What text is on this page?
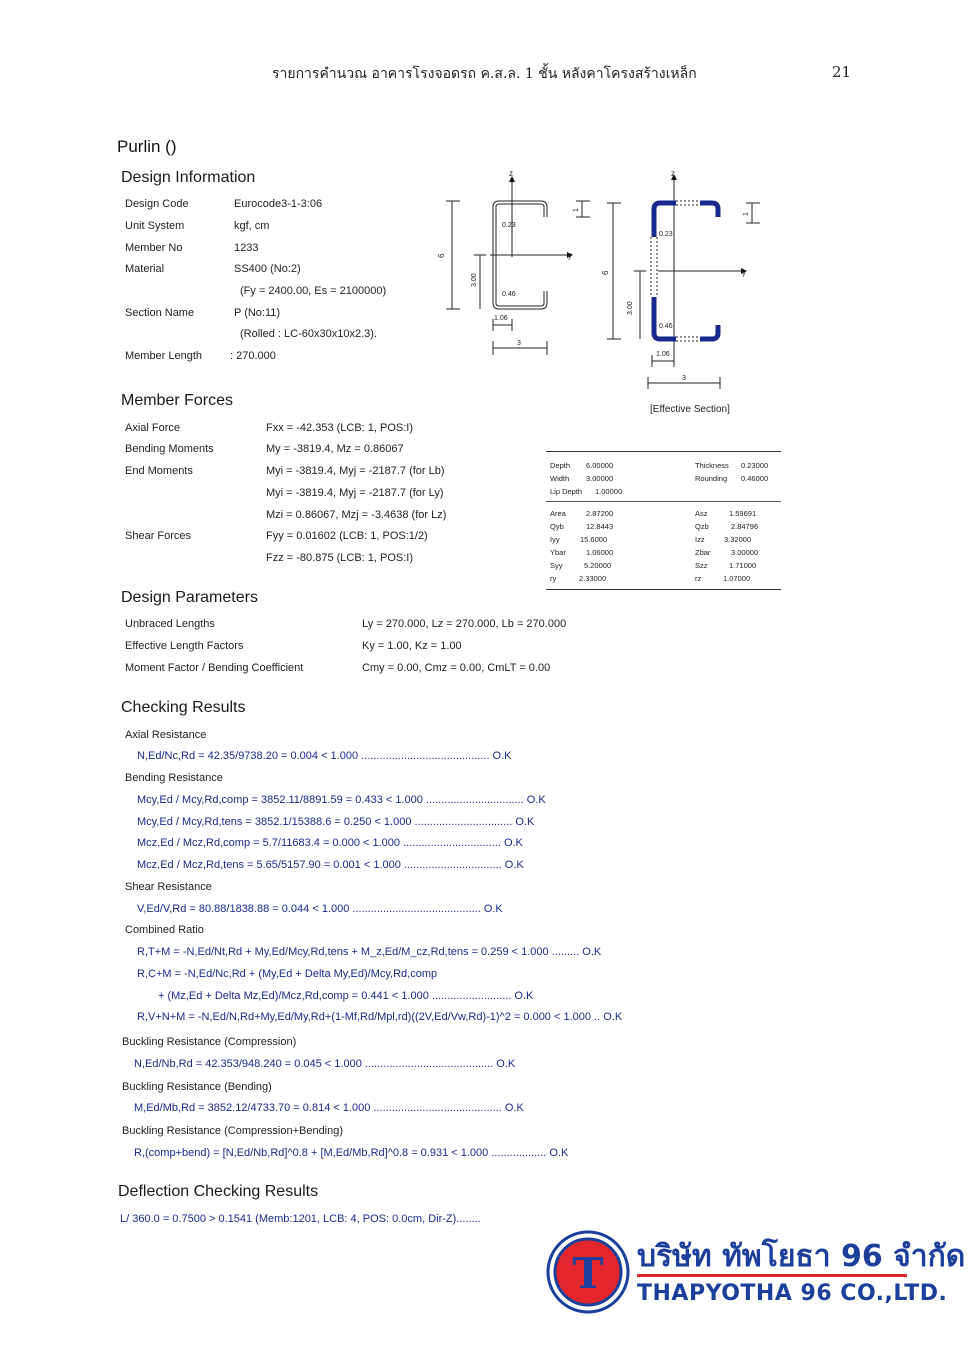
รายการคำนวณ อาคารโรงจอดรถ ค.ส.ล. 1 ชั้น หลังคาโครงสร้างเหล็ก	21
Purlin ()
Design Information
Design Code	Eurocode3-1-3:06
Unit System	kgf, cm
Member No	1233
Material	SS400 (No:2)
(Fy = 2400.00, Es = 2100000)
Section Name	P (No:11)
(Rolled : LC-60x30x10x2.3).
Member Length	: 270.000
z
y
6
3.00
0.23
0.46
1.06
3
1
z
y
6
3.00
0.23
0.46
1.06
3
1
[Effective Section]
Member Forces
Axial Force	Fxx = -42.353 (LCB: 1, POS:I)
Bending Moments	My = -3819.4, Mz = 0.86067
End Moments	Myi = -3819.4, Myj = -2187.7 (for Lb)
Myi = -3819.4, Myj = -2187.7 (for Ly)
Mzi = 0.86067, Mzj = -3.4638 (for Lz)
Shear Forces	Fyy = 0.01602 (LCB: 1, POS:1/2)
Fzz = -80.875 (LCB: 1, POS:I)
Depth 6.00000	Thickness 0.23000
Width 3.00000	Rounding 0.46000
Lip Depth 1.00000
Area	2.87200	Asz	1.59691
Qyb	12.8443	Qzb	2.84796
Iyy	15.6000	Izz	3.32000
Ybar	1.06000	Zbar	3.00000
Syy	5.20000	Szz	1.71000
ry	2.33000	rz	1.07000
Design Parameters
Unbraced Lengths	Ly = 270.000, Lz = 270.000, Lb = 270.000
Effective Length Factors	Ky = 1.00, Kz = 1.00
Moment Factor / Bending Coefficient	Cmy = 0.00, Cmz = 0.00, CmLT = 0.00
Checking Results
Axial Resistance
N,Ed/Nc,Rd = 42.35/9738.20 = 0.004 < 1.000 .......................................... O.K
Bending Resistance
Mcy,Ed / Mcy,Rd,comp = 3852.11/8891.59 = 0.433 < 1.000 ................................ O.K
Mcy,Ed / Mcy,Rd,tens = 3852.1/15388.6 = 0.250 < 1.000 ................................ O.K
Mcz,Ed / Mcz,Rd,comp = 5.7/11683.4 = 0.000 < 1.000 ................................ O.K
Mcz,Ed / Mcz,Rd,tens = 5.65/5157.90 = 0.001 < 1.000 ................................ O.K
Shear Resistance
V,Ed/V,Rd = 80.88/1838.88 = 0.044 < 1.000 .......................................... O.K
Combined Ratio
R,T+M = -N,Ed/Nt,Rd + My,Ed/Mcy,Rd,tens + M_z,Ed/M_cz,Rd,tens = 0.259 < 1.000 ......... O.K
R,C+M = -N,Ed/Nc,Rd + (My,Ed + Delta My,Ed)/Mcy,Rd,comp
+ (Mz,Ed + Delta Mz,Ed)/Mcz,Rd,comp = 0.441 < 1.000 .......................... O.K
R,V+N+M = -N,Ed/N,Rd+My,Ed/My,Rd+(1-Mf,Rd/Mpl,rd)((2V,Ed/Vw,Rd)-1)^2 = 0.000 < 1.000 .. O.K
Buckling Resistance (Compression)
N,Ed/Nb,Rd = 42.353/948.240 = 0.045 < 1.000 .......................................... O.K
Buckling Resistance (Bending)
M,Ed/Mb,Rd = 3852.12/4733.70 = 0.814 < 1.000 .......................................... O.K
Buckling Resistance (Compression+Bending)
R,(comp+bend) = [N,Ed/Nb,Rd]^0.8 + [M,Ed/Mb,Rd]^0.8 = 0.931 < 1.000 .................. O.K
Deflection Checking Results
L/ 360.0 = 0.7500 > 0.1541 (Memb:1201, LCB: 4, POS: 0.0cm, Dir-Z)........
T บริษัท ทัพโยธา 96 จำกัด
THAPYOTHA 96 CO.,LTD.
